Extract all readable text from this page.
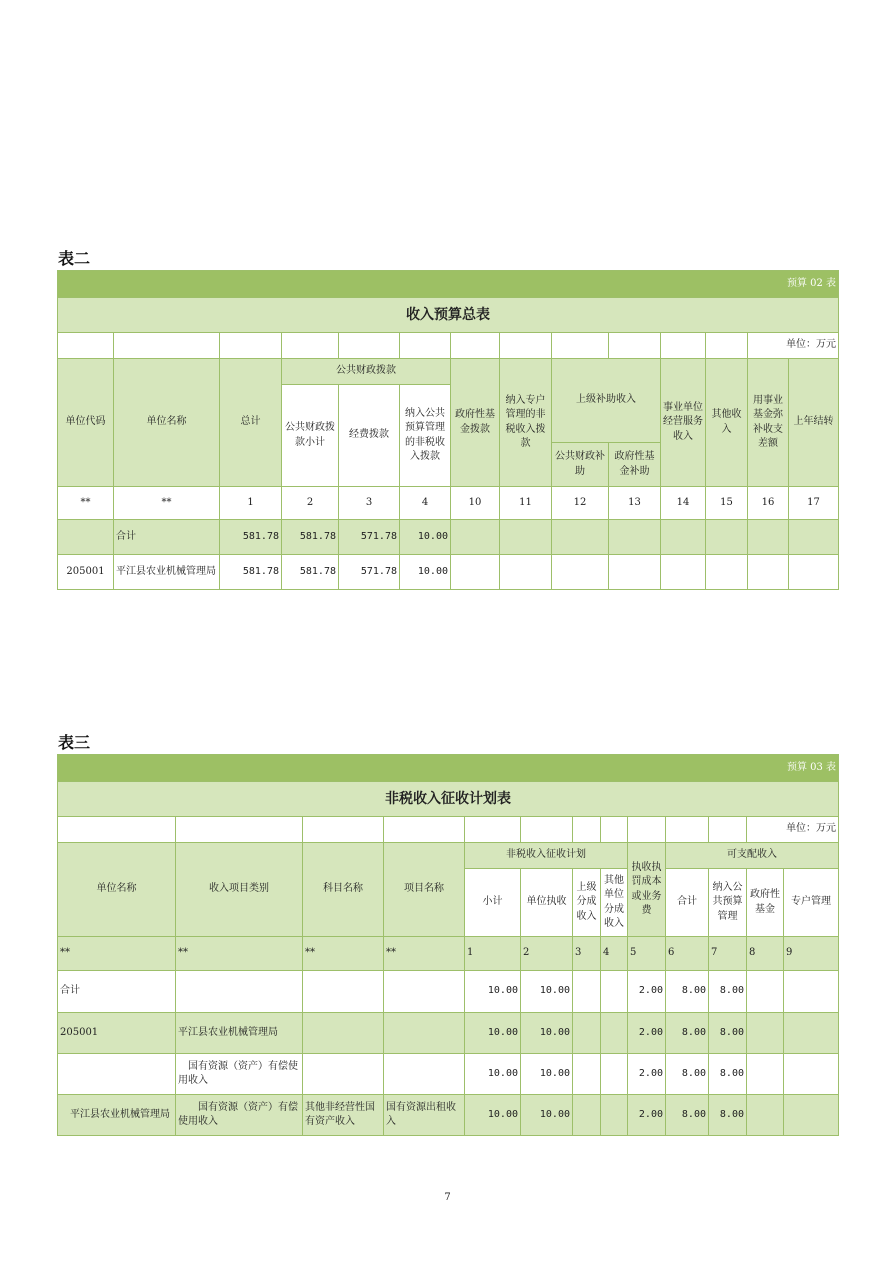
表二
预算 02 表													
收入预算总表													
												单位：万元	
单位代码	单位名称	总计	公共财政拨款			政府性基金拨款	纳入专户管理的非税收入拨款	上级补助收入		事业单位经营服务收入	其他收入	用事业基金弥补收支差额	上年结转
			公共财政拨款小计	经费拨款	纳入公共预算管理的非税收入拨款								
								公共财政补助	政府性基金补助				
**	**	1	2	3	4	10	11	12	13	14	15	16	17
	合计	581.78	581.78	571.78	10.00								
205001	平江县农业机械管理局	581.78	581.78	571.78	10.00								
表三
预算 03 表												
非税收入征收计划表												
											单位：万元	
单位名称	收入项目类别	科目名称	项目名称	非税收入征收计划				执收执罚成本或业务费	可支配收入			
				小计	单位执收	上级分成收入	其他单位分成收入		合计	纳入公共预算管理	政府性基金	专户管理
**	**	**	**	1	2	3	4	5	6	7	8	9
合计				10.00	10.00			2.00	8.00	8.00		
205001	平江县农业机械管理局			10.00	10.00			2.00	8.00	8.00		
	国有资源（资产）有偿使用收入			10.00	10.00			2.00	8.00	8.00		
平江县农业机械管理局	国有资源（资产）有偿使用收入	其他非经营性国有资产收入	国有资源出租收入	10.00	10.00			2.00	8.00	8.00		
7
